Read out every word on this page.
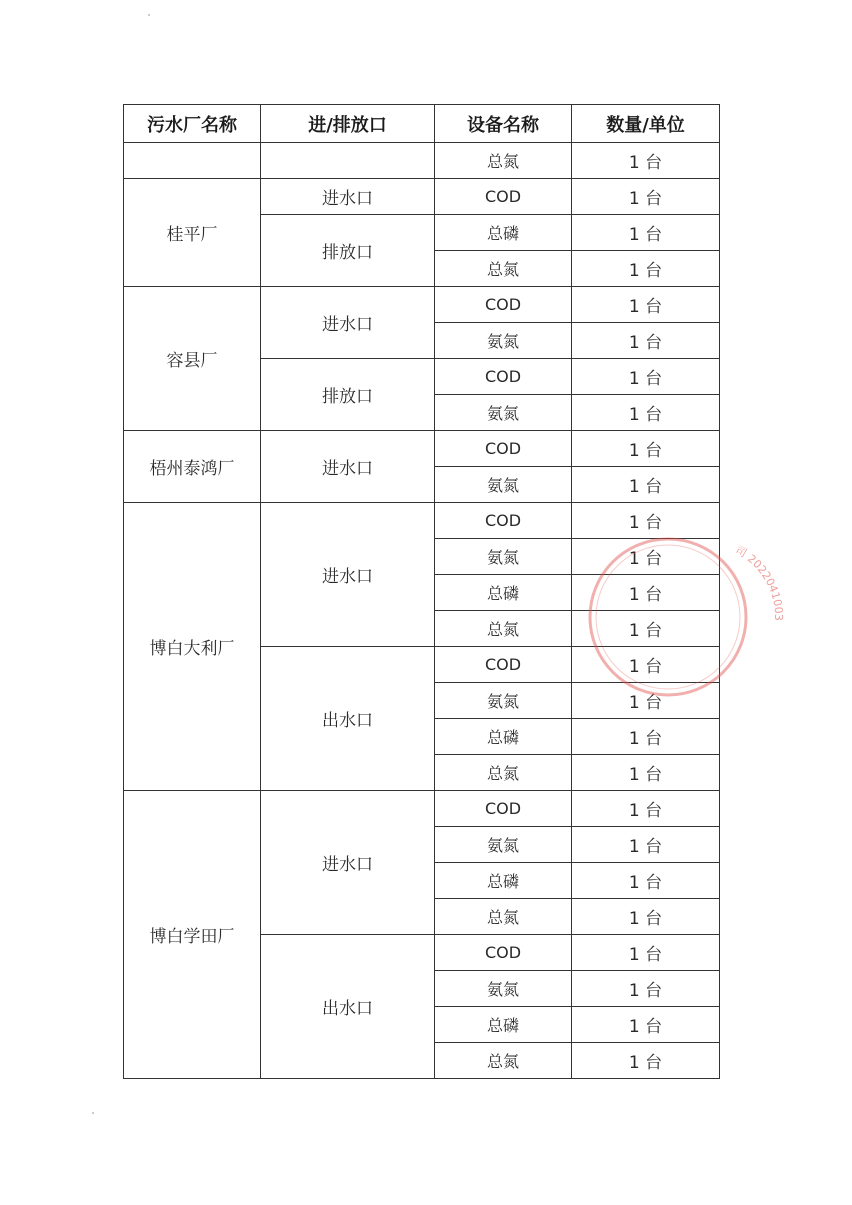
污水厂名称	进/排放口	设备名称	数量/单位
		总氮	1 台
桂平厂	进水口	COD	1 台
	排放口	总磷	1 台
		总氮	1 台
容县厂	进水口	COD	1 台
		氨氮	1 台
	排放口	COD	1 台
		氨氮	1 台
梧州泰鸿厂	进水口	COD	1 台
		氨氮	1 台
博白大利厂	进水口	COD	1 台
		氨氮	1 台
		总磷	1 台
		总氮	1 台
	出水口	COD	1 台
		氨氮	1 台
		总磷	1 台
		总氮	1 台
博白学田厂	进水口	COD	1 台
		氨氮	1 台
		总磷	1 台
		总氮	1 台
	出水口	COD	1 台
		氨氮	1 台
		总磷	1 台
		总氮	1 台
司 2022041003
